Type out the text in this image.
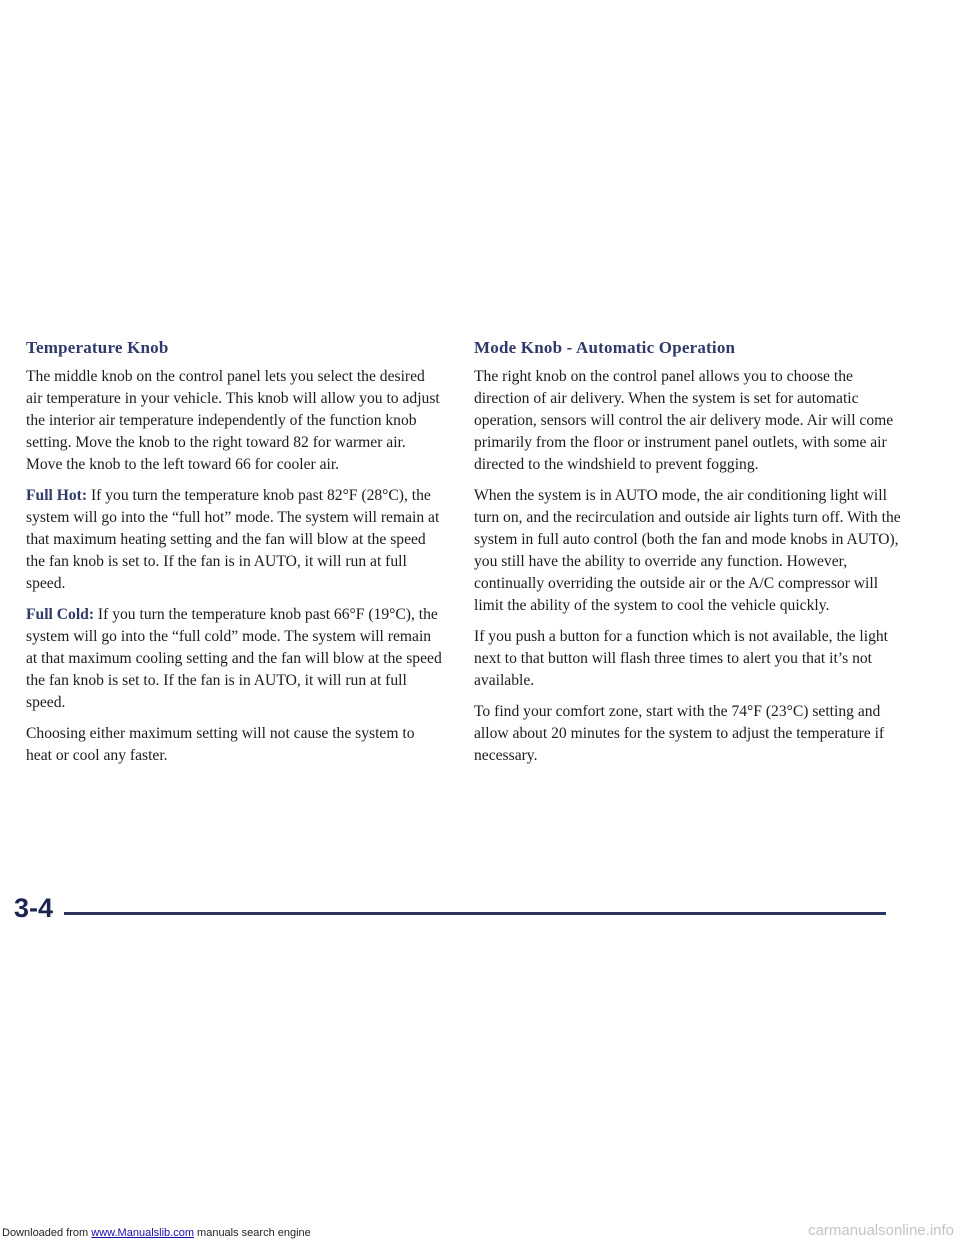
Temperature Knob

The middle knob on the control panel lets you select the desired air temperature in your vehicle. This knob will allow you to adjust the interior air temperature independently of the function knob setting. Move the knob to the right toward 82 for warmer air. Move the knob to the left toward 66 for cooler air.

Full Hot: If you turn the temperature knob past 82°F (28°C), the system will go into the “full hot” mode. The system will remain at that maximum heating setting and the fan will blow at the speed the fan knob is set to. If the fan is in AUTO, it will run at full speed.

Full Cold: If you turn the temperature knob past 66°F (19°C), the system will go into the “full cold” mode. The system will remain at that maximum cooling setting and the fan will blow at the speed the fan knob is set to. If the fan is in AUTO, it will run at full speed.

Choosing either maximum setting will not cause the system to heat or cool any faster.

Mode Knob - Automatic Operation

The right knob on the control panel allows you to choose the direction of air delivery. When the system is set for automatic operation, sensors will control the air delivery mode. Air will come primarily from the floor or instrument panel outlets, with some air directed to the windshield to prevent fogging.

When the system is in AUTO mode, the air conditioning light will turn on, and the recirculation and outside air lights turn off. With the system in full auto control (both the fan and mode knobs in AUTO), you still have the ability to override any function. However, continually overriding the outside air or the A/C compressor will limit the ability of the system to cool the vehicle quickly.

If you push a button for a function which is not available, the light next to that button will flash three times to alert you that it’s not available.

To find your comfort zone, start with the 74°F (23°C) setting and allow about 20 minutes for the system to adjust the temperature if necessary.

3-4
Downloaded from www.Manualslib.com manuals search engine	carmanualsonline.info
